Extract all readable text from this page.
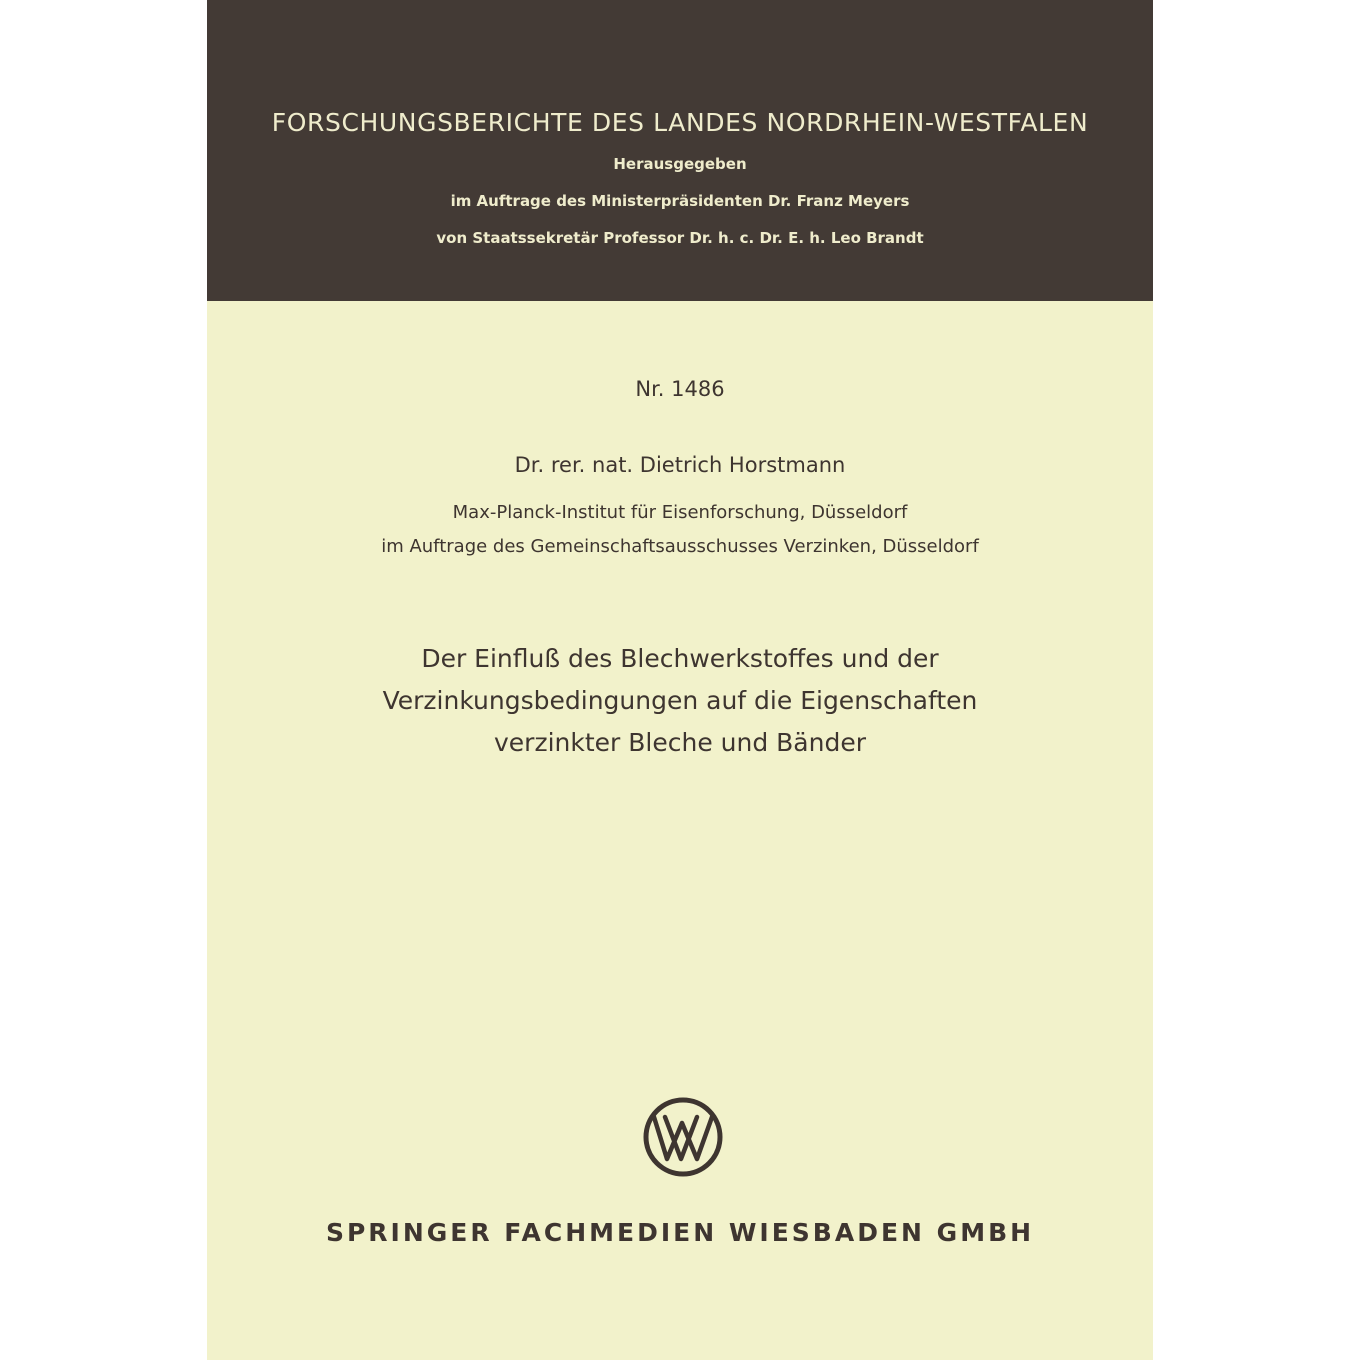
FORSCHUNGSBERICHTE DES LANDES NORDRHEIN-WESTFALEN
Herausgegeben
im Auftrage des Ministerpräsidenten Dr. Franz Meyers
von Staatssekretär Professor Dr. h. c. Dr. E. h. Leo Brandt
Nr. 1486
Dr. rer. nat. Dietrich Horstmann
Max-Planck-Institut für Eisenforschung, Düsseldorf
im Auftrage des Gemeinschaftsausschusses Verzinken, Düsseldorf
Der Einfluß des Blechwerkstoffes und der
Verzinkungsbedingungen auf die Eigenschaften
verzinkter Bleche und Bänder
SPRINGER FACHMEDIEN WIESBADEN GMBH
